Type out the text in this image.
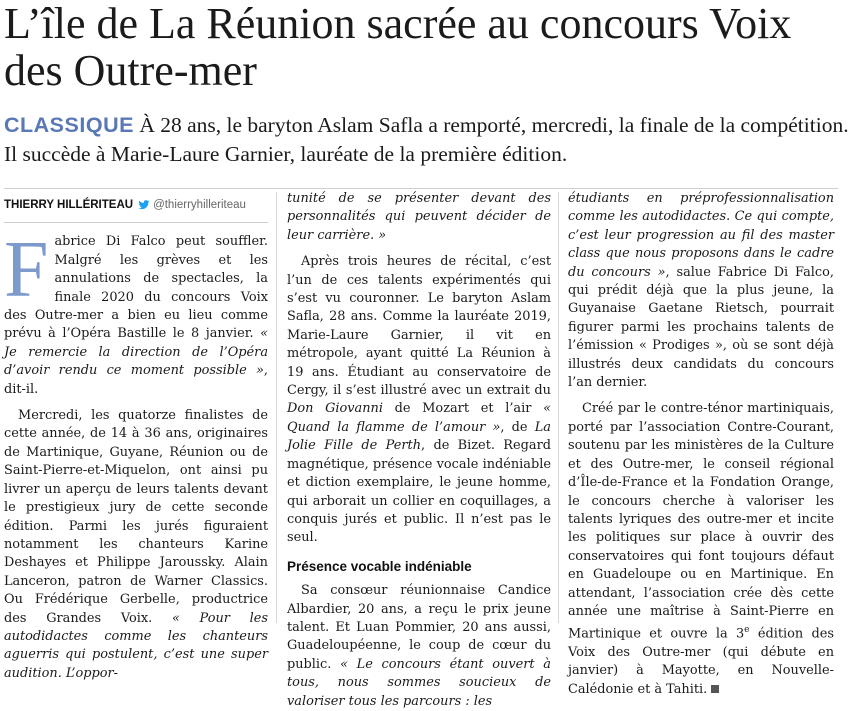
L’île de La Réunion sacrée au concours Voix des Outre-mer
CLASSIQUE À 28 ans, le baryton Aslam Safla a remporté, mercredi, la finale de la compétition. Il succède à Marie-Laure Garnier, lauréate de la première édition.
THIERRY HILLÉRITEAU @thierryhilleriteau

Fabrice Di Falco peut souffler. Malgré les grèves et les annulations de spectacles, la finale 2020 du concours Voix des Outre-mer a bien eu lieu comme prévu à l’Opéra Bastille le 8 janvier. « Je remercie la direction de l’Opéra d’avoir rendu ce moment possible », dit-il.

Mercredi, les quatorze finalistes de cette année, de 14 à 36 ans, originaires de Martinique, Guyane, Réunion ou de Saint-Pierre-et-Miquelon, ont ainsi pu livrer un aperçu de leurs talents devant le prestigieux jury de cette seconde édition. Parmi les jurés figuraient notamment les chanteurs Karine Deshayes et Philippe Jaroussky. Alain Lanceron, patron de Warner Classics. Ou Frédérique Gerbelle, productrice des Grandes Voix. « Pour les autodidactes comme les chanteurs aguerris qui postulent, c’est une super audition. L’oppor-

tunité de se présenter devant des personnalités qui peuvent décider de leur carrière. »

Après trois heures de récital, c’est l’un de ces talents expérimentés qui s’est vu couronner. Le baryton Aslam Safla, 28 ans. Comme la lauréate 2019, Marie-Laure Garnier, il vit en métropole, ayant quitté La Réunion à 19 ans. Étudiant au conservatoire de Cergy, il s’est illustré avec un extrait du Don Giovanni de Mozart et l’air « Quand la flamme de l’amour », de La Jolie Fille de Perth, de Bizet. Regard magnétique, présence vocale indéniable et diction exemplaire, le jeune homme, qui arborait un collier en coquillages, a conquis jurés et public. Il n’est pas le seul.

Présence vocable indéniable

Sa consœur réunionnaise Candice Albardier, 20 ans, a reçu le prix jeune talent. Et Luan Pommier, 20 ans aussi, Guadeloupéenne, le coup de cœur du public. « Le concours étant ouvert à tous, nous sommes soucieux de valoriser tous les parcours : les

étudiants en préprofessionnalisation comme les autodidactes. Ce qui compte, c’est leur progression au fil des master class que nous proposons dans le cadre du concours », salue Fabrice Di Falco, qui prédit déjà que la plus jeune, la Guyanaise Gaetane Rietsch, pourrait figurer parmi les prochains talents de l’émission « Prodiges », où se sont déjà illustrés deux candidats du concours l’an dernier.

Créé par le contre-ténor martiniquais, porté par l’association Contre-Courant, soutenu par les ministères de la Culture et des Outre-mer, le conseil régional d’Île-de-France et la Fondation Orange, le concours cherche à valoriser les talents lyriques des outre-mer et incite les politiques sur place à ouvrir des conservatoires qui font toujours défaut en Guadeloupe ou en Martinique. En attendant, l’association crée dès cette année une maîtrise à Saint-Pierre en Martinique et ouvre la 3e édition des Voix des Outre-mer (qui débute en janvier) à Mayotte, en Nouvelle-Calédonie et à Tahiti.
